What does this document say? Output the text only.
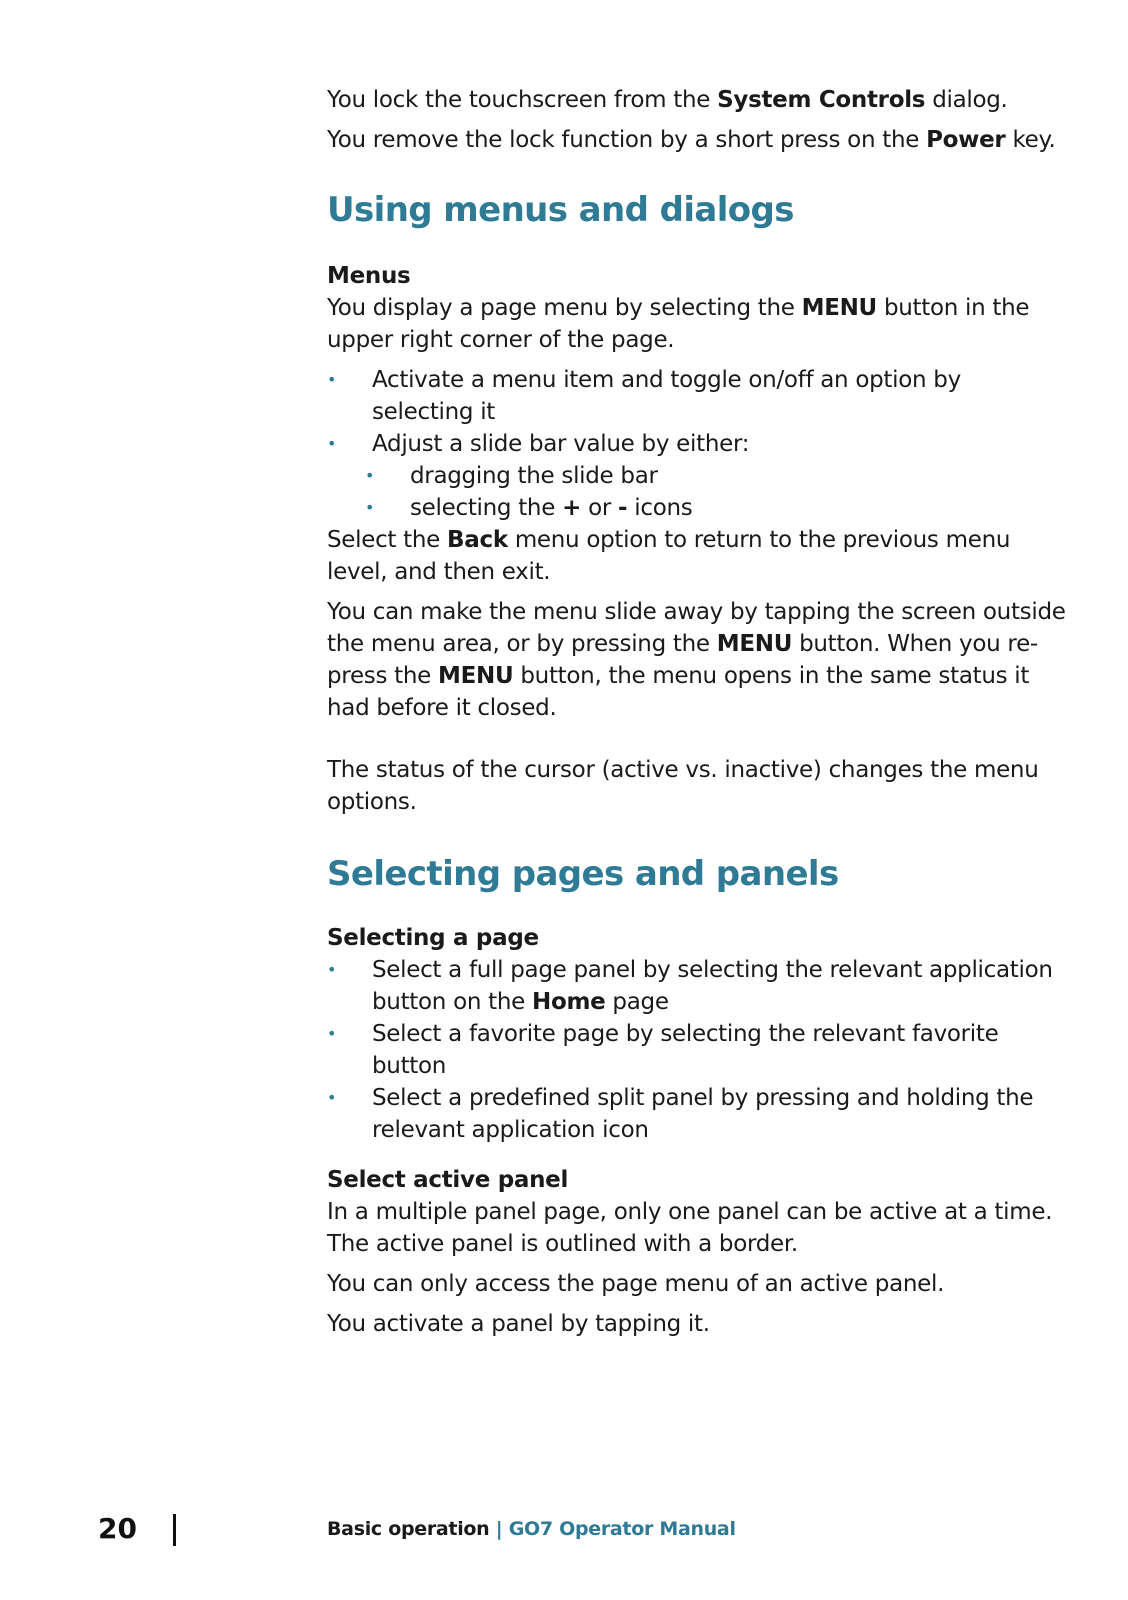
You lock the touchscreen from the System Controls dialog.

You remove the lock function by a short press on the Power key.

Using menus and dialogs
Menus

You display a page menu by selecting the MENU button in the upper right corner of the page.

• Activate a menu item and toggle on/off an option by selecting it
• Adjust a slide bar value by either:
• dragging the slide bar
• selecting the + or - icons

Select the Back menu option to return to the previous menu level, and then exit.

You can make the menu slide away by tapping the screen outside the menu area, or by pressing the MENU button. When you re-press the MENU button, the menu opens in the same status it had before it closed.

The status of the cursor (active vs. inactive) changes the menu options.

Selecting pages and panels
Selecting a page
• Select a full page panel by selecting the relevant application button on the Home page
• Select a favorite page by selecting the relevant favorite button
• Select a predefined split panel by pressing and holding the relevant application icon
Select active panel

In a multiple panel page, only one panel can be active at a time. The active panel is outlined with a border.

You can only access the page menu of an active panel.

You activate a panel by tapping it.

20	Basic operation | GO7 Operator Manual
